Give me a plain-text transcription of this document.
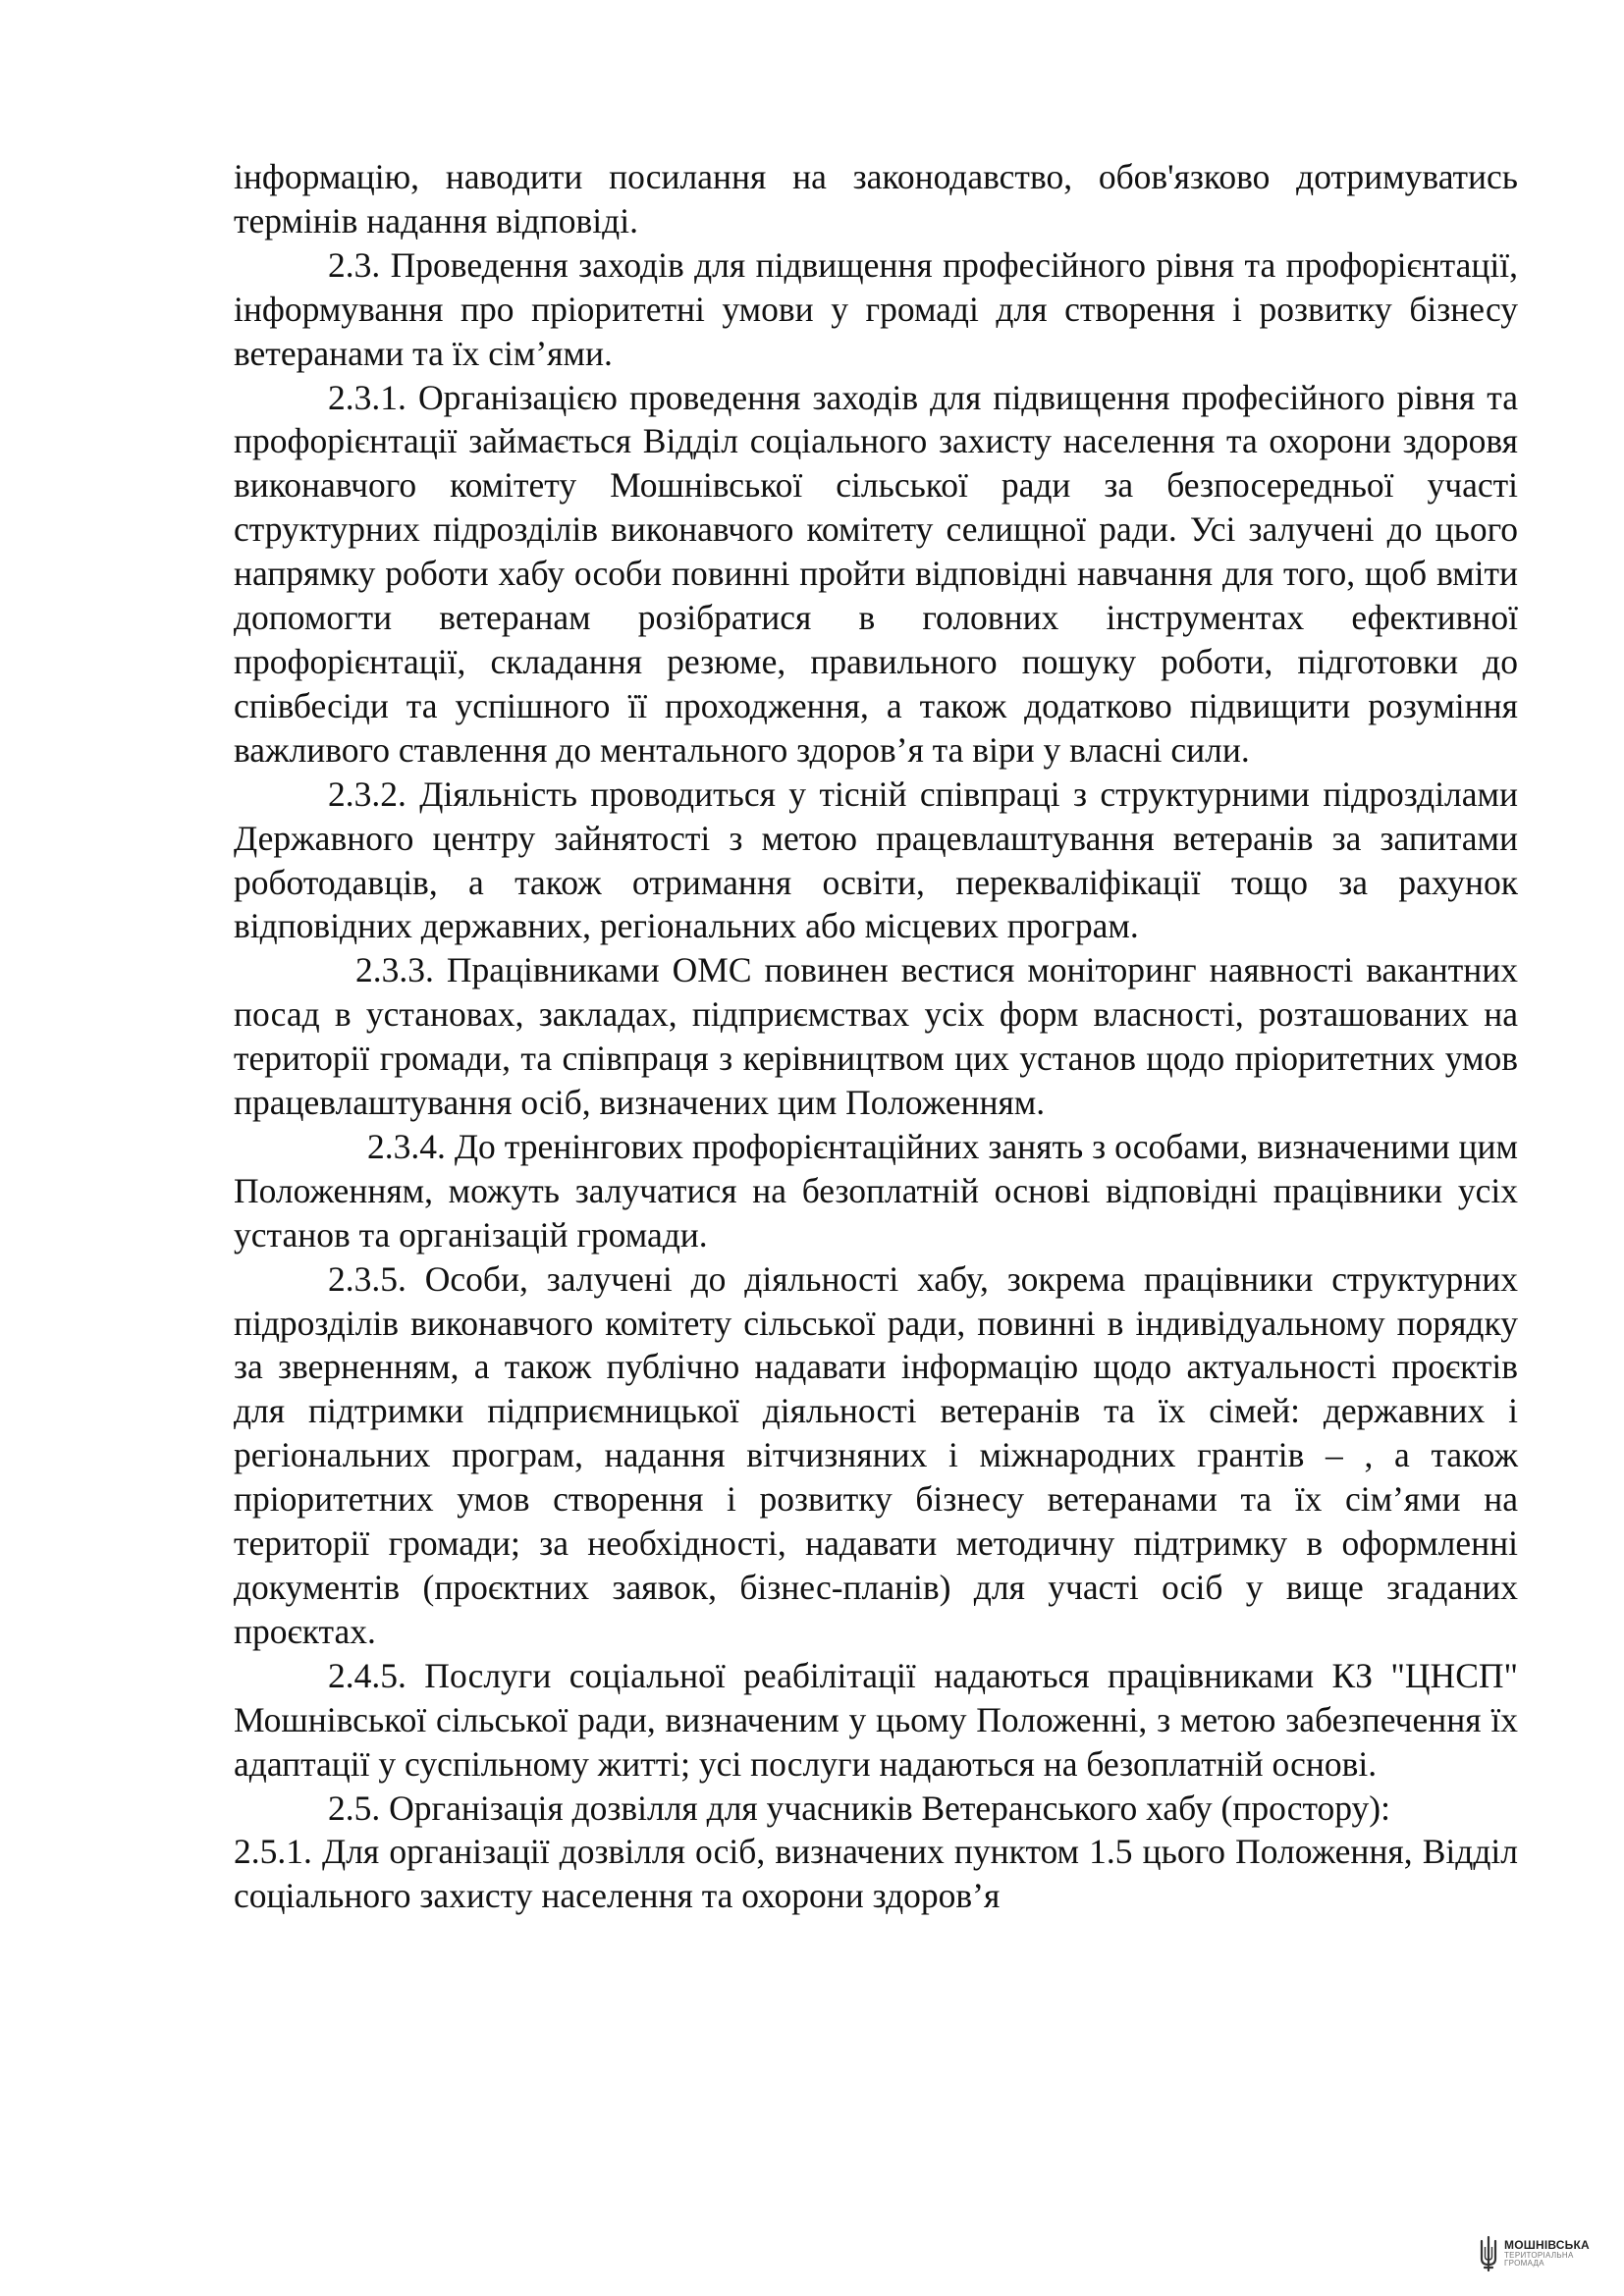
інформацію, наводити посилання на законодавство, обов'язково дотримуватись термінів надання відповіді.

2.3. Проведення заходів для підвищення професійного рівня та профорієнтації, інформування про пріоритетні умови у громаді для створення і розвитку бізнесу ветеранами та їх сім’ями.

2.3.1. Організацією проведення заходів для підвищення професійного рівня та профорієнтації займається Відділ соціального захисту населення та охорони здоровя виконавчого комітету Мошнівської сільської ради за безпосередньої участі структурних підрозділів виконавчого комітету селищної ради. Усі залучені до цього напрямку роботи хабу особи повинні пройти відповідні навчання для того, щоб вміти допомогти ветеранам розібратися в головних інструментах ефективної профорієнтації, складання резюме, правильного пошуку роботи, підготовки до співбесіди та успішного її проходження, а також додатково підвищити розуміння важливого ставлення до ментального здоров’я та віри у власні сили.

2.3.2. Діяльність проводиться у тісній співпраці з структурними підрозділами Державного центру зайнятості з метою працевлаштування ветеранів за запитами роботодавців, а також отримання освіти, перекваліфікації тощо за рахунок відповідних державних, регіональних або місцевих програм.

2.3.3. Працівниками ОМС повинен вестися моніторинг наявності вакантних посад в установах, закладах, підприємствах усіх форм власності, розташованих на території громади, та співпраця з керівництвом цих установ щодо пріоритетних умов працевлаштування осіб, визначених цим Положенням.

2.3.4. До тренінгових профорієнтаційних занять з особами, визначеними цим Положенням, можуть залучатися на безоплатній основі відповідні працівники усіх установ та організацій громади.

2.3.5. Особи, залучені до діяльності хабу, зокрема працівники структурних підрозділів виконавчого комітету сільської ради, повинні в індивідуальному порядку за зверненням, а також публічно надавати інформацію щодо актуальності проєктів для підтримки підприємницької діяльності ветеранів та їх сімей: державних і регіональних програм, надання вітчизняних і міжнародних грантів – , а також пріоритетних умов створення і розвитку бізнесу ветеранами та їх сім’ями на території громади; за необхідності, надавати методичну підтримку в оформленні документів (проєктних заявок, бізнес-планів) для участі осіб у вище згаданих проєктах.

2.4.5. Послуги соціальної реабілітації надаються працівниками КЗ "ЦНСП" Мошнівської сільської ради, визначеним у цьому Положенні, з метою забезпечення їх адаптації у суспільному житті; усі послуги надаються на безоплатній основі.

2.5. Організація дозвілля для учасників Ветеранського хабу (простору):

2.5.1. Для організації дозвілля осіб, визначених пунктом 1.5 цього Положення, Відділ соціального захисту населення та охорони здоров’я

МОШНІВСЬКА
ТЕРИТОРІАЛЬНА
ГРОМАДА
